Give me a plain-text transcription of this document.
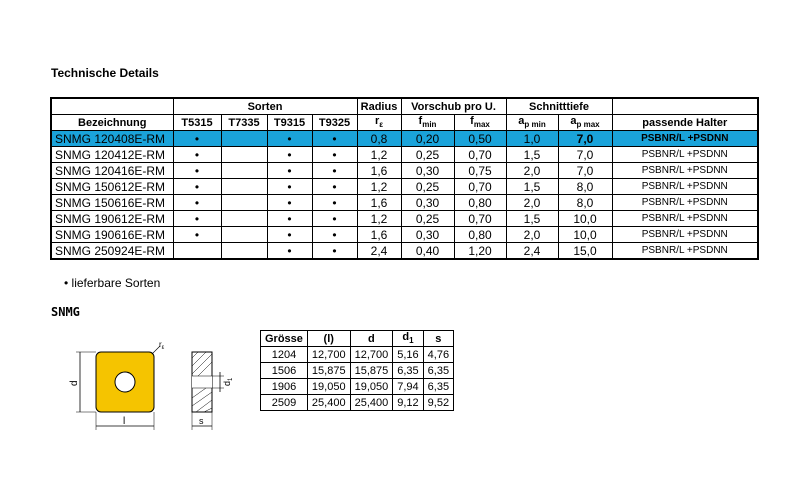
Technische Details
	Sorten				Radius	Vorschub pro U.		Schnitttiefe		
Bezeichnung	T5315	T7335	T9315	T9325	$r_\varepsilon$	$f_{min}$	$f_{max}$	$a_{p min}$	$a_{p max}$	passende Halter
SNMG 120408E-RM	•		•	•	0,8	0,20	0,50	1,0	7,0	PSBNR/L +PSDNN
SNMG 120412E-RM	•		•	•	1,2	0,25	0,70	1,5	7,0	PSBNR/L +PSDNN
SNMG 120416E-RM	•		•	•	1,6	0,30	0,75	2,0	7,0	PSBNR/L +PSDNN
SNMG 150612E-RM	•		•	•	1,2	0,25	0,70	1,5	8,0	PSBNR/L +PSDNN
SNMG 150616E-RM	•		•	•	1,6	0,30	0,80	2,0	8,0	PSBNR/L +PSDNN
SNMG 190612E-RM	•		•	•	1,2	0,25	0,70	1,5	10,0	PSBNR/L +PSDNN
SNMG 190616E-RM	•		•	•	1,6	0,30	0,80	2,0	10,0	PSBNR/L +PSDNN
SNMG 250924E-RM			•	•	2,4	0,40	1,20	2,4	15,0	PSBNR/L +PSDNN
• lieferbare Sorten
SNMG
d
l
$r_\varepsilon$
$d_1$
s
Grösse	(l)	d	$d_1$	s
1204	12,700	12,700	5,16	4,76
1506	15,875	15,875	6,35	6,35
1906	19,050	19,050	7,94	6,35
2509	25,400	25,400	9,12	9,52
